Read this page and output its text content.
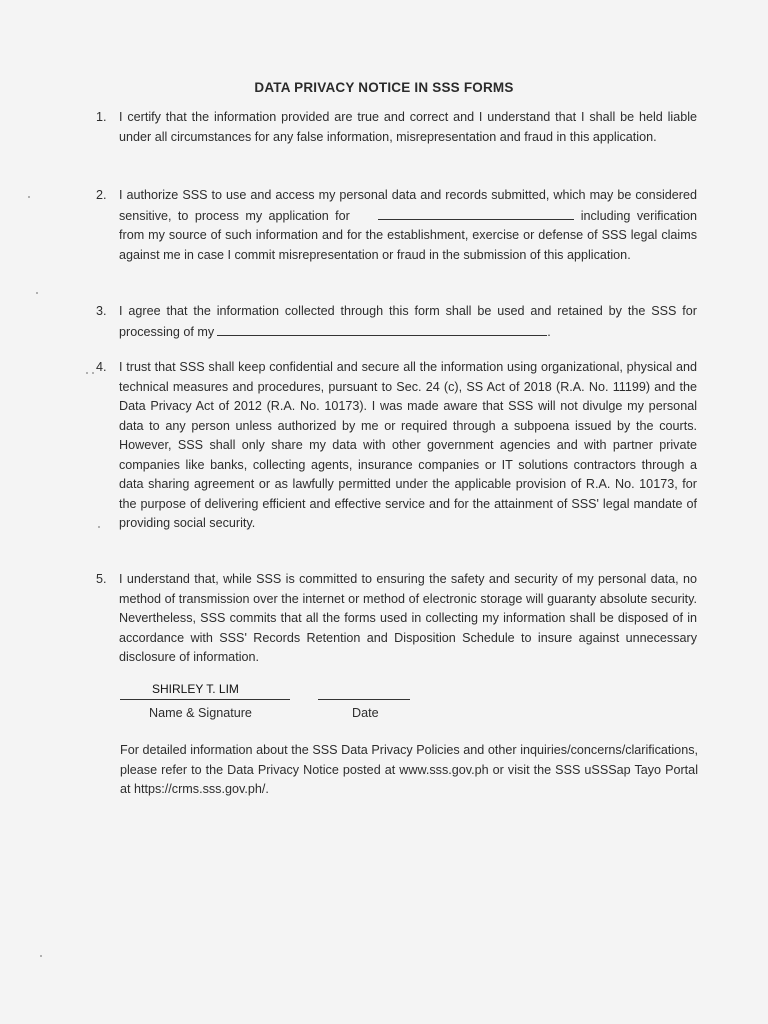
DATA PRIVACY NOTICE IN SSS FORMS
1. I certify that the information provided are true and correct and I understand that I shall be held liable under all circumstances for any false information, misrepresentation and fraud in this application.
2. I authorize SSS to use and access my personal data and records submitted, which may be considered sensitive, to process my application for	including verification from my source of such information and for the establishment, exercise or defense of SSS legal claims against me in case I commit misrepresentation or fraud in the submission of this application.
3. I agree that the information collected through this form shall be used and retained by the SSS for processing of my	.
4. I trust that SSS shall keep confidential and secure all the information using organizational, physical and technical measures and procedures, pursuant to Sec. 24 (c), SS Act of 2018 (R.A. No. 11199) and the Data Privacy Act of 2012 (R.A. No. 10173). I was made aware that SSS will not divulge my personal data to any person unless authorized by me or required through a subpoena issued by the courts. However, SSS shall only share my data with other government agencies and with partner private companies like banks, collecting agents, insurance companies or IT solutions contractors through a data sharing agreement or as lawfully permitted under the applicable provision of R.A. No. 10173, for the purpose of delivering efficient and effective service and for the attainment of SSS' legal mandate of providing social security.
5. I understand that, while SSS is committed to ensuring the safety and security of my personal data, no method of transmission over the internet or method of electronic storage will guaranty absolute security. Nevertheless, SSS commits that all the forms used in collecting my information shall be disposed of in accordance with SSS' Records Retention and Disposition Schedule to insure against unnecessary disclosure of information.
SHIRLEY T. LIM
Name & Signature	Date
For detailed information about the SSS Data Privacy Policies and other inquiries/concerns/clarifications, please refer to the Data Privacy Notice posted at www.sss.gov.ph or visit the SSS uSSSap Tayo Portal at https://crms.sss.gov.ph/.
